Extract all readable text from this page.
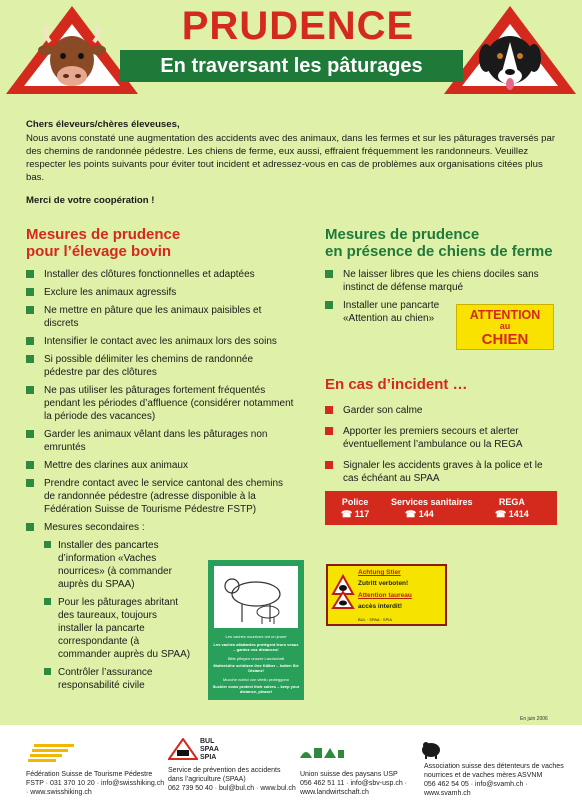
PRUDENCE
En traversant les pâturages
Chers éleveurs/chères éleveuses,
Nous avons constaté une augmentation des accidents avec des animaux, dans les fermes et sur les pâturages traversés par des chemins de randonnée pédestre. Les chiens de ferme, eux aussi, effraient fréquemment les randonneurs. Veuillez respecter les points suivants pour éviter tout incident et adressez-vous en cas de problèmes aux organisations citées plus bas.
Merci de votre coopération !
Mesures de prudence
pour l’élevage bovin
Installer des clôtures fonctionnelles et adaptées
Exclure les animaux agressifs
Ne mettre en pâture que les animaux paisibles et discrets
Intensifier le contact avec les animaux lors des soins
Si possible délimiter les chemins de randonnée pédestre par des clôtures
Ne pas utiliser les pâturages fortement fréquentés pendant les périodes d’affluence (considérer notamment la période des vacances)
Garder les animaux vêlant dans les pâturages non emruntés
Mettre des clarines aux animaux
Prendre contact avec le service cantonal des chemins de randonnée pédestre (adresse disponible à la Fédération Suisse de Tourisme Pédestre FSTP)
Mesures secondaires :
Installer des pancartes d’information «Vaches nourrices» (à commander auprès du SPAA)
Pour les pâturages abritant des taureaux, toujours installer la pancarte correspondante (à commander auprès du SPAA)
Contrôler l’assurance responsabilité civile
Mesures de prudence
en présence de chiens de ferme
Ne laisser libres que les chiens dociles sans instinct de défense marqué
Installer une pancarte «Attention au chien»	ATTENTION
au
CHIEN
En cas d’incident …
Garder son calme
Apporter les premiers secours et alerter éventuellement l’ambulance ou la REGA
Signaler les accidents graves à la police et le cas échéant au SPAA
Police
☎ 117
Services sanitaires
☎ 144
REGA
☎ 1414
Les vaches nourrices ont un jeune
Les vaches allaitantes protègent leurs veaux – gardez vos distances!
Bitte pflegen unsere Landschaft
Mutterkühe schützen ihre Kälber – halten Sie Distanz!
Mucche nutrici con vitello proteggono
Suckler cows protect their calves – keep your distance, please!
Achtung Stier
Zutritt verboten!
Attention taureau
accès interdit!
BUL · SPAA · SPIA
En juin 2006
BUL
SPAA
SPIA
Fédération Suisse de Tourisme Pédestre
FSTP · 031 370 10 20 · info@swisshiking.ch · www.swisshiking.ch
Service de prévention des accidents dans l’agriculture (SPAA)
062 739 50 40 · bul@bul.ch · www.bul.ch
Union suisse des paysans USP
056 462 51 11 · info@sbv-usp.ch · www.landwirtschaft.ch
Association suisse des détenteurs de vaches nourrices et de vaches mères ASVNM
056 462 54 05 · info@svamh.ch · www.svamh.ch
